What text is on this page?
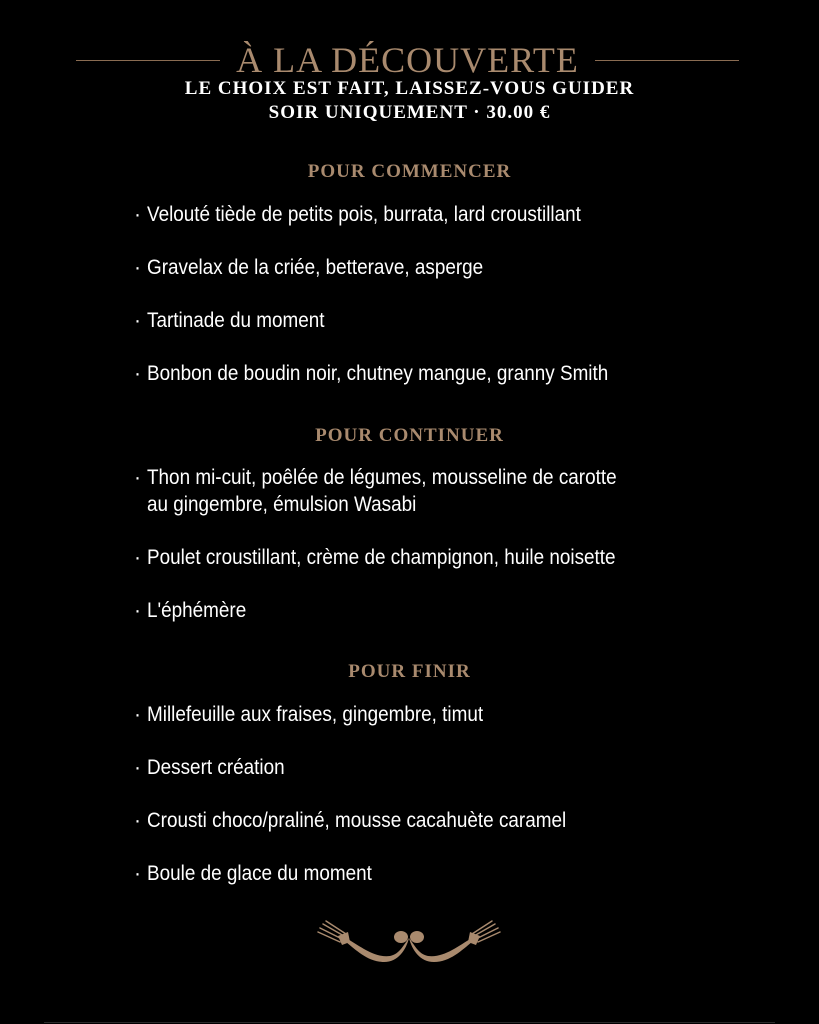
À LA DÉCOUVERTE
LE CHOIX EST FAIT, LAISSEZ-VOUS GUIDER
SOIR UNIQUEMENT · 30.00 €
POUR COMMENCER
· Velouté tiède de petits pois, burrata, lard croustillant
· Gravelax de la criée, betterave, asperge
· Tartinade du moment
· Bonbon de boudin noir, chutney mangue, granny Smith
POUR CONTINUER
· Thon mi-cuit, poêlée de légumes, mousseline de carotte
au gingembre, émulsion Wasabi
· Poulet croustillant, crème de champignon, huile noisette
· L'éphémère
POUR FINIR
· Millefeuille aux fraises, gingembre, timut
· Dessert création
· Crousti choco/praliné, mousse cacahuète caramel
· Boule de glace du moment
